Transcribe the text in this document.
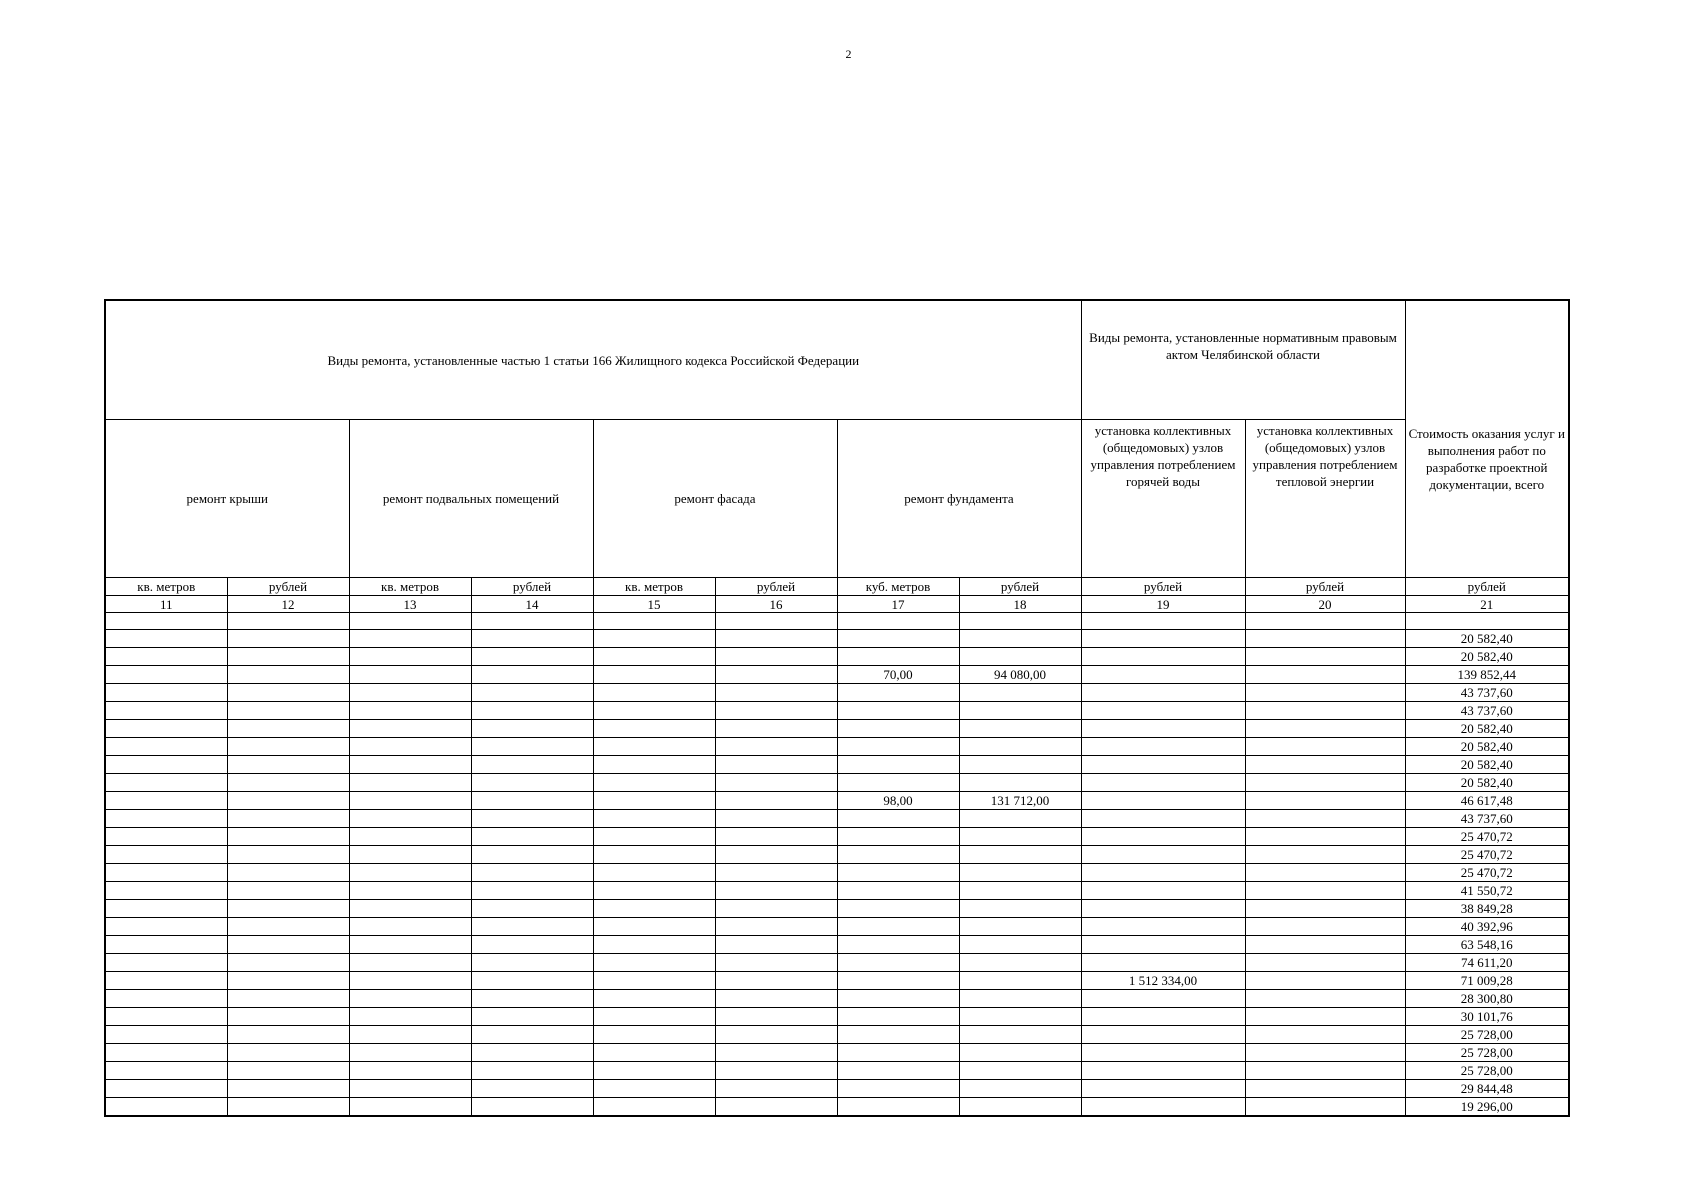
2
Виды ремонта, установленные частью 1 статьи 166 Жилищного кодекса Российской Федерации								Виды ремонта, установленные нормативным правовым актом Челябинской области		Стоимость оказания услуг и выполнения работ по разработке проектной документации, всего
ремонт крыши		ремонт подвальных помещений		ремонт фасада		ремонт фундамента		установка коллективных (общедомовых) узлов управления потреблением горячей воды	установка коллективных (общедомовых) узлов управления потреблением тепловой энергии	
кв. метров	рублей	кв. метров	рублей	кв. метров	рублей	куб. метров	рублей	рублей	рублей	рублей
11	12	13	14	15	16	17	18	19	20	21

										20 582,40
										20 582,40
						70,00	94 080,00			139 852,44
										43 737,60
										43 737,60
										20 582,40
										20 582,40
										20 582,40
										20 582,40
						98,00	131 712,00			46 617,48
										43 737,60
										25 470,72
										25 470,72
										25 470,72
										41 550,72
										38 849,28
										40 392,96
										63 548,16
										74 611,20
								1 512 334,00		71 009,28
										28 300,80
										30 101,76
										25 728,00
										25 728,00
										25 728,00
										29 844,48
										19 296,00
